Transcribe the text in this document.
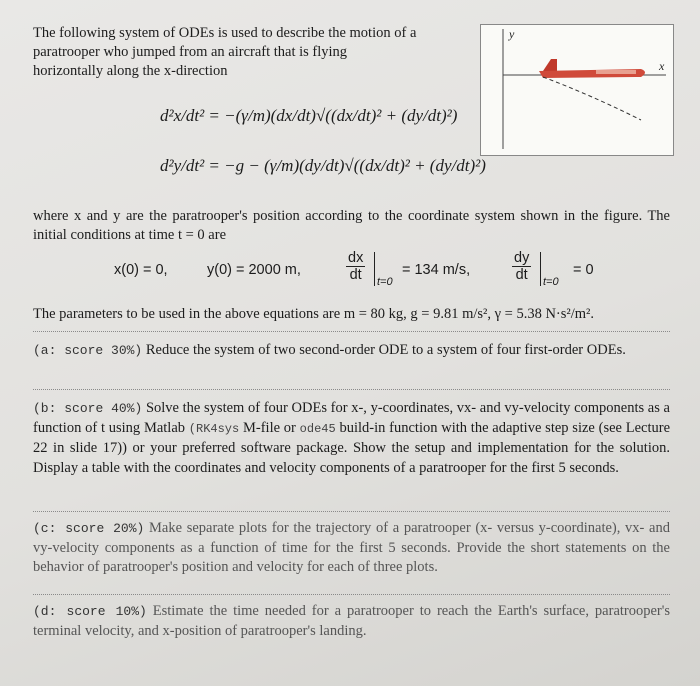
The following system of ODEs is used to describe the motion of a
paratrooper who jumped from an aircraft that is flying
horizontally along the x-direction
y
x
d²x/dt² = −(γ/m)(dx/dt)√((dx/dt)² + (dy/dt)²)
d²y/dt² = −g − (γ/m)(dy/dt)√((dx/dt)² + (dy/dt)²)
where x and y are the paratrooper's position according to the coordinate system shown in the figure. The initial conditions at time t = 0 are
x(0) = 0,	y(0) = 2000 m,	$\frac{dx}{dt} t=0$
= 134 m/s,	$\frac{dy}{dt} t=0$
= 0
The parameters to be used in the above equations are m = 80 kg, g = 9.81 m/s², γ = 5.38 N·s²/m².
(a: score 30%) Reduce the system of two second-order ODE to a system of four first-order ODEs.
(b: score 40%) Solve the system of four ODEs for x-, y-coordinates, vx- and vy-velocity components as a function of t using Matlab (RK4sys M-file or ode45 build-in function with the adaptive step size (see Lecture 22 in slide 17)) or your preferred software package. Show the setup and implementation for the solution. Display a table with the coordinates and velocity components of a paratrooper for the first 5 seconds.
(c: score 20%) Make separate plots for the trajectory of a paratrooper (x- versus y-coordinate), vx- and vy-velocity components as a function of time for the first 5 seconds. Provide the short statements on the behavior of paratrooper's position and velocity for each of three plots.
(d: score 10%) Estimate the time needed for a paratrooper to reach the Earth's surface, paratrooper's terminal velocity, and x-position of paratrooper's landing.
